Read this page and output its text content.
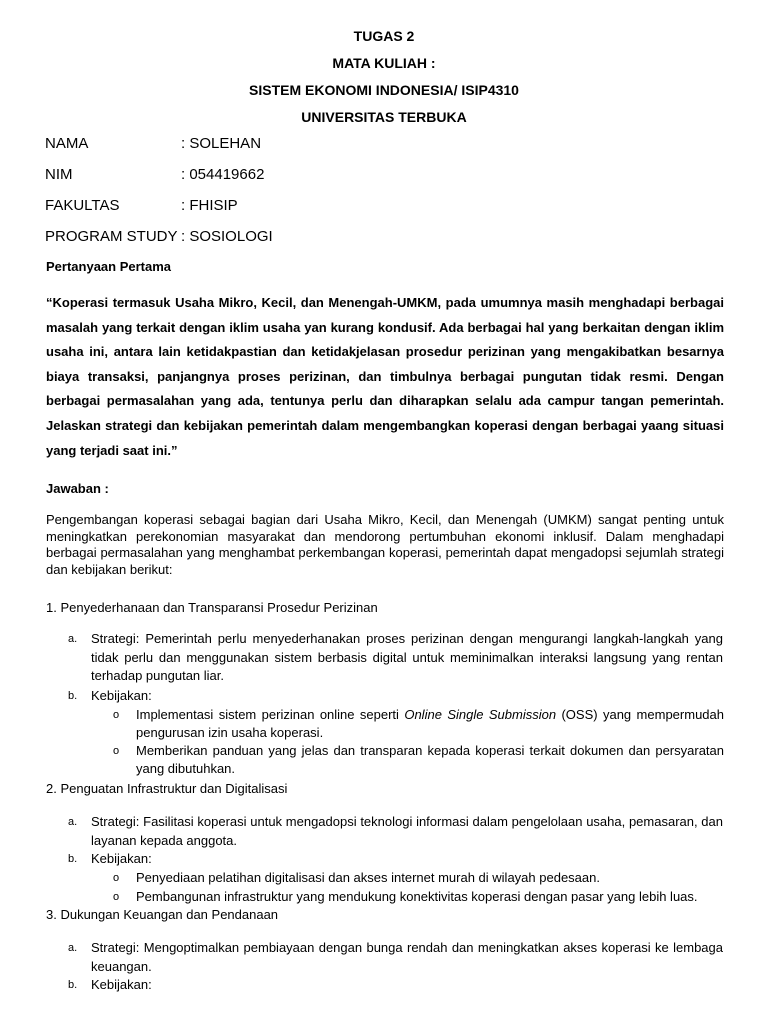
TUGAS 2
MATA KULIAH :
SISTEM EKONOMI INDONESIA/ ISIP4310
UNIVERSITAS TERBUKA
NAMA	: SOLEHAN
NIM	: 054419662
FAKULTAS	: FHISIP
PROGRAM STUDY : SOSIOLOGI
Pertanyaan Pertama

“Koperasi termasuk Usaha Mikro, Kecil, dan Menengah-UMKM, pada umumnya masih menghadapi berbagai masalah yang terkait dengan iklim usaha yan kurang kondusif. Ada berbagai hal yang berkaitan dengan iklim usaha ini, antara lain ketidakpastian dan ketidakjelasan prosedur perizinan yang mengakibatkan besarnya biaya transaksi, panjangnya proses perizinan, dan timbulnya berbagai pungutan tidak resmi. Dengan berbagai permasalahan yang ada, tentunya perlu dan diharapkan selalu ada campur tangan pemerintah. Jelaskan strategi dan kebijakan pemerintah dalam mengembangkan koperasi dengan berbagai yaang situasi yang terjadi saat ini.”

Jawaban :

Pengembangan koperasi sebagai bagian dari Usaha Mikro, Kecil, dan Menengah (UMKM) sangat penting untuk meningkatkan perekonomian masyarakat dan mendorong pertumbuhan ekonomi inklusif. Dalam menghadapi berbagai permasalahan yang menghambat perkembangan koperasi, pemerintah dapat mengadopsi sejumlah strategi dan kebijakan berikut:

1. Penyederhanaan dan Transparansi Prosedur Perizinan
a. Strategi: Pemerintah perlu menyederhanakan proses perizinan dengan mengurangi langkah-langkah yang tidak perlu dan menggunakan sistem berbasis digital untuk meminimalkan interaksi langsung yang rentan terhadap pungutan liar.

b. Kebijakan:
o Implementasi sistem perizinan online seperti Online Single Submission (OSS) yang mempermudah pengurusan izin usaha koperasi.

o Memberikan panduan yang jelas dan transparan kepada koperasi terkait dokumen dan persyaratan yang dibutuhkan.

2. Penguatan Infrastruktur dan Digitalisasi
a. Strategi: Fasilitasi koperasi untuk mengadopsi teknologi informasi dalam pengelolaan usaha, pemasaran, dan layanan kepada anggota.

b. Kebijakan:
o Penyediaan pelatihan digitalisasi dan akses internet murah di wilayah pedesaan.

o Pembangunan infrastruktur yang mendukung konektivitas koperasi dengan pasar yang lebih luas.

3. Dukungan Keuangan dan Pendanaan
a. Strategi: Mengoptimalkan pembiayaan dengan bunga rendah dan meningkatkan akses koperasi ke lembaga keuangan.

b. Kebijakan:
